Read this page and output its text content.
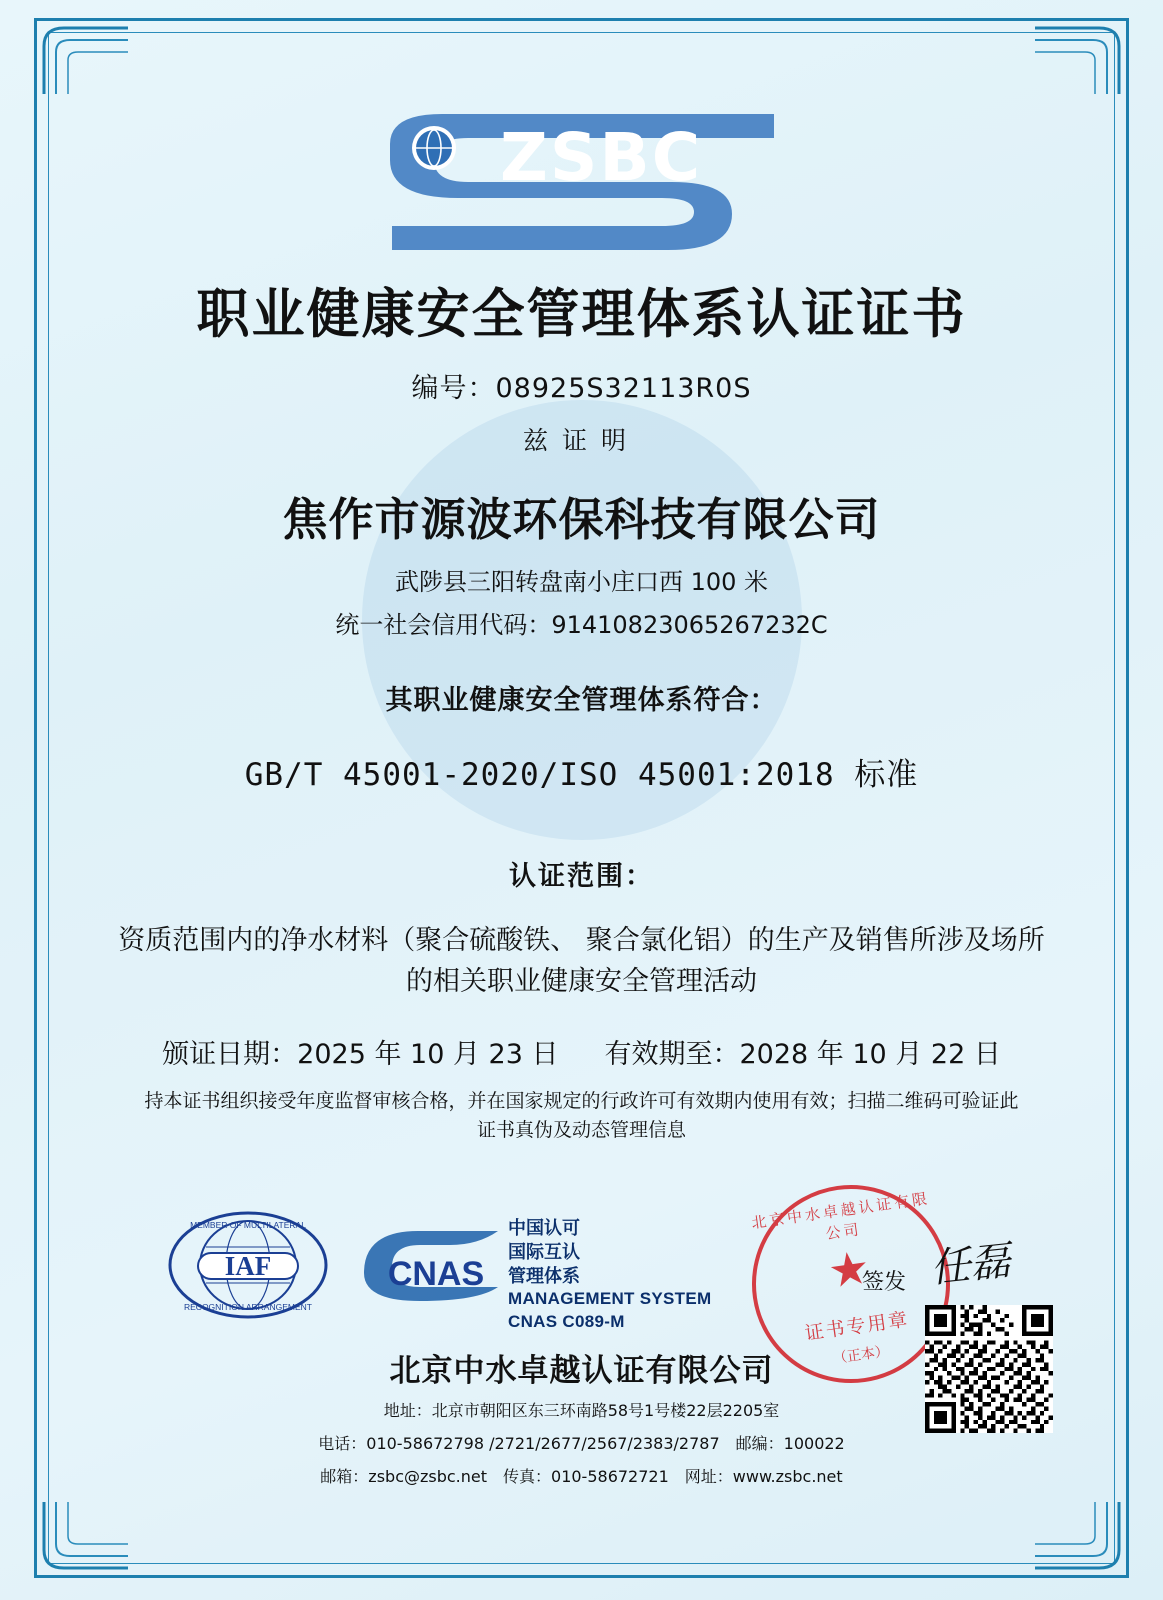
ZSBC
职业健康安全管理体系认证证书
编号：08925S32113R0S
兹证明
焦作市源波环保科技有限公司
武陟县三阳转盘南小庄口西 100 米
统一社会信用代码：91410823065267232C
其职业健康安全管理体系符合：
GB/T 45001-2020/ISO 45001:2018 标准
认证范围：
资质范围内的净水材料（聚合硫酸铁、 聚合氯化铝）的生产及销售所涉及场所
的相关职业健康安全管理活动
颁证日期：2025 年 10 月 23 日 有效期至：2028 年 10 月 22 日
持本证书组织接受年度监督审核合格，并在国家规定的行政许可有效期内使用有效；扫描二维码可验证此
证书真伪及动态管理信息
IAF
MEMBER OF MULTILATERAL
RECOGNITION ARRANGEMENT
CNAS
中国认可
国际互认
管理体系
MANAGEMENT SYSTEM
CNAS C089-M
北京中水卓越认证有限公司
★
证书专用章
（正本）
签发 任磊
北京中水卓越认证有限公司
地址：北京市朝阳区东三环南路58号1号楼22层2205室
电话：010-58672798 /2721/2677/2567/2383/2787　邮编：100022
邮箱：zsbc@zsbc.net　传真：010-58672721　网址：www.zsbc.net
